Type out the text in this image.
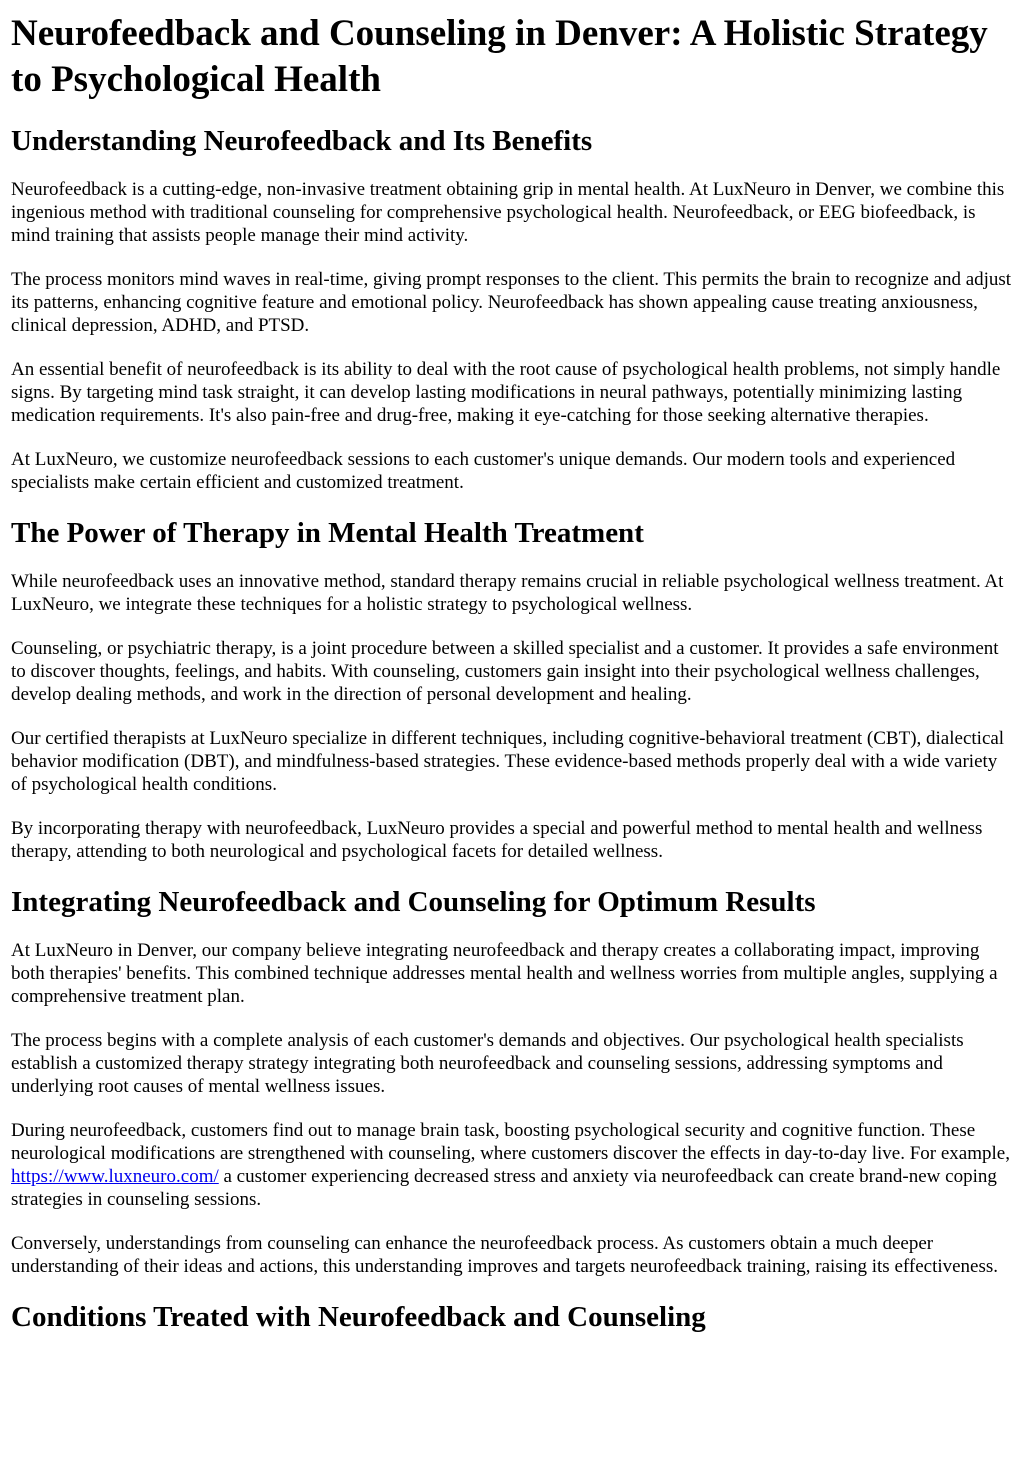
Neurofeedback and Counseling in Denver: A Holistic Strategy to Psychological Health
Understanding Neurofeedback and Its Benefits

Neurofeedback is a cutting-edge, non-invasive treatment obtaining grip in mental health. At LuxNeuro in Denver, we combine this ingenious method with traditional counseling for comprehensive psychological health. Neurofeedback, or EEG biofeedback, is mind training that assists people manage their mind activity.

The process monitors mind waves in real-time, giving prompt responses to the client. This permits the brain to recognize and adjust its patterns, enhancing cognitive feature and emotional policy. Neurofeedback has shown appealing cause treating anxiousness, clinical depression, ADHD, and PTSD.

An essential benefit of neurofeedback is its ability to deal with the root cause of psychological health problems, not simply handle signs. By targeting mind task straight, it can develop lasting modifications in neural pathways, potentially minimizing lasting medication requirements. It's also pain-free and drug-free, making it eye-catching for those seeking alternative therapies.

At LuxNeuro, we customize neurofeedback sessions to each customer's unique demands. Our modern tools and experienced specialists make certain efficient and customized treatment.

The Power of Therapy in Mental Health Treatment

While neurofeedback uses an innovative method, standard therapy remains crucial in reliable psychological wellness treatment. At LuxNeuro, we integrate these techniques for a holistic strategy to psychological wellness.

Counseling, or psychiatric therapy, is a joint procedure between a skilled specialist and a customer. It provides a safe environment to discover thoughts, feelings, and habits. With counseling, customers gain insight into their psychological wellness challenges, develop dealing methods, and work in the direction of personal development and healing.

Our certified therapists at LuxNeuro specialize in different techniques, including cognitive-behavioral treatment (CBT), dialectical behavior modification (DBT), and mindfulness-based strategies. These evidence-based methods properly deal with a wide variety of psychological health conditions.

By incorporating therapy with neurofeedback, LuxNeuro provides a special and powerful method to mental health and wellness therapy, attending to both neurological and psychological facets for detailed wellness.

Integrating Neurofeedback and Counseling for Optimum Results

At LuxNeuro in Denver, our company believe integrating neurofeedback and therapy creates a collaborating impact, improving both therapies' benefits. This combined technique addresses mental health and wellness worries from multiple angles, supplying a comprehensive treatment plan.

The process begins with a complete analysis of each customer's demands and objectives. Our psychological health specialists establish a customized therapy strategy integrating both neurofeedback and counseling sessions, addressing symptoms and underlying root causes of mental wellness issues.

During neurofeedback, customers find out to manage brain task, boosting psychological security and cognitive function. These neurological modifications are strengthened with counseling, where customers discover the effects in day-to-day live. For example, https://www.luxneuro.com/ a customer experiencing decreased stress and anxiety via neurofeedback can create brand-new coping strategies in counseling sessions.

Conversely, understandings from counseling can enhance the neurofeedback process. As customers obtain a much deeper understanding of their ideas and actions, this understanding improves and targets neurofeedback training, raising its effectiveness.

Conditions Treated with Neurofeedback and Counseling
